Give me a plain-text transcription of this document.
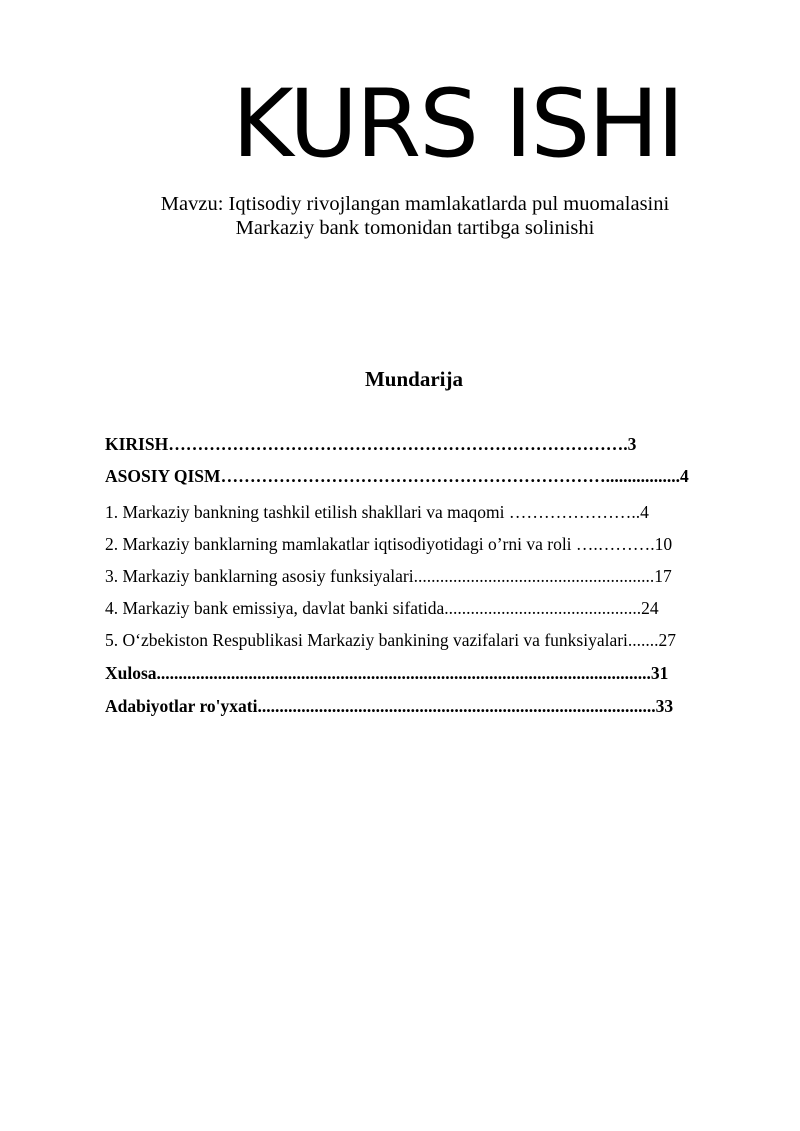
KURS ISHI
Mavzu: Iqtisodiy rivojlangan mamlakatlarda pul muomalasini
Markaziy bank tomonidan tartibga solinishi
Mundarija
KIRISH…………………………………………………………………….3
ASOSIY QISM………………………………………………………….................4
1. Markaziy bankning tashkil etilish shakllari va maqomi …………………..4
2. Markaziy banklarning mamlakatlar iqtisodiyotidagi o’rni va roli ….……….10
3. Markaziy banklarning asosiy funksiyalari.......................................................17
4. Markaziy bank emissiya, davlat banki sifatida.............................................24
5. O‘zbekiston Respublikasi Markaziy bankining vazifalari va funksiyalari.......27
Xulosa.................................................................................................................31
Adabiyotlar ro'yxati...........................................................................................33
